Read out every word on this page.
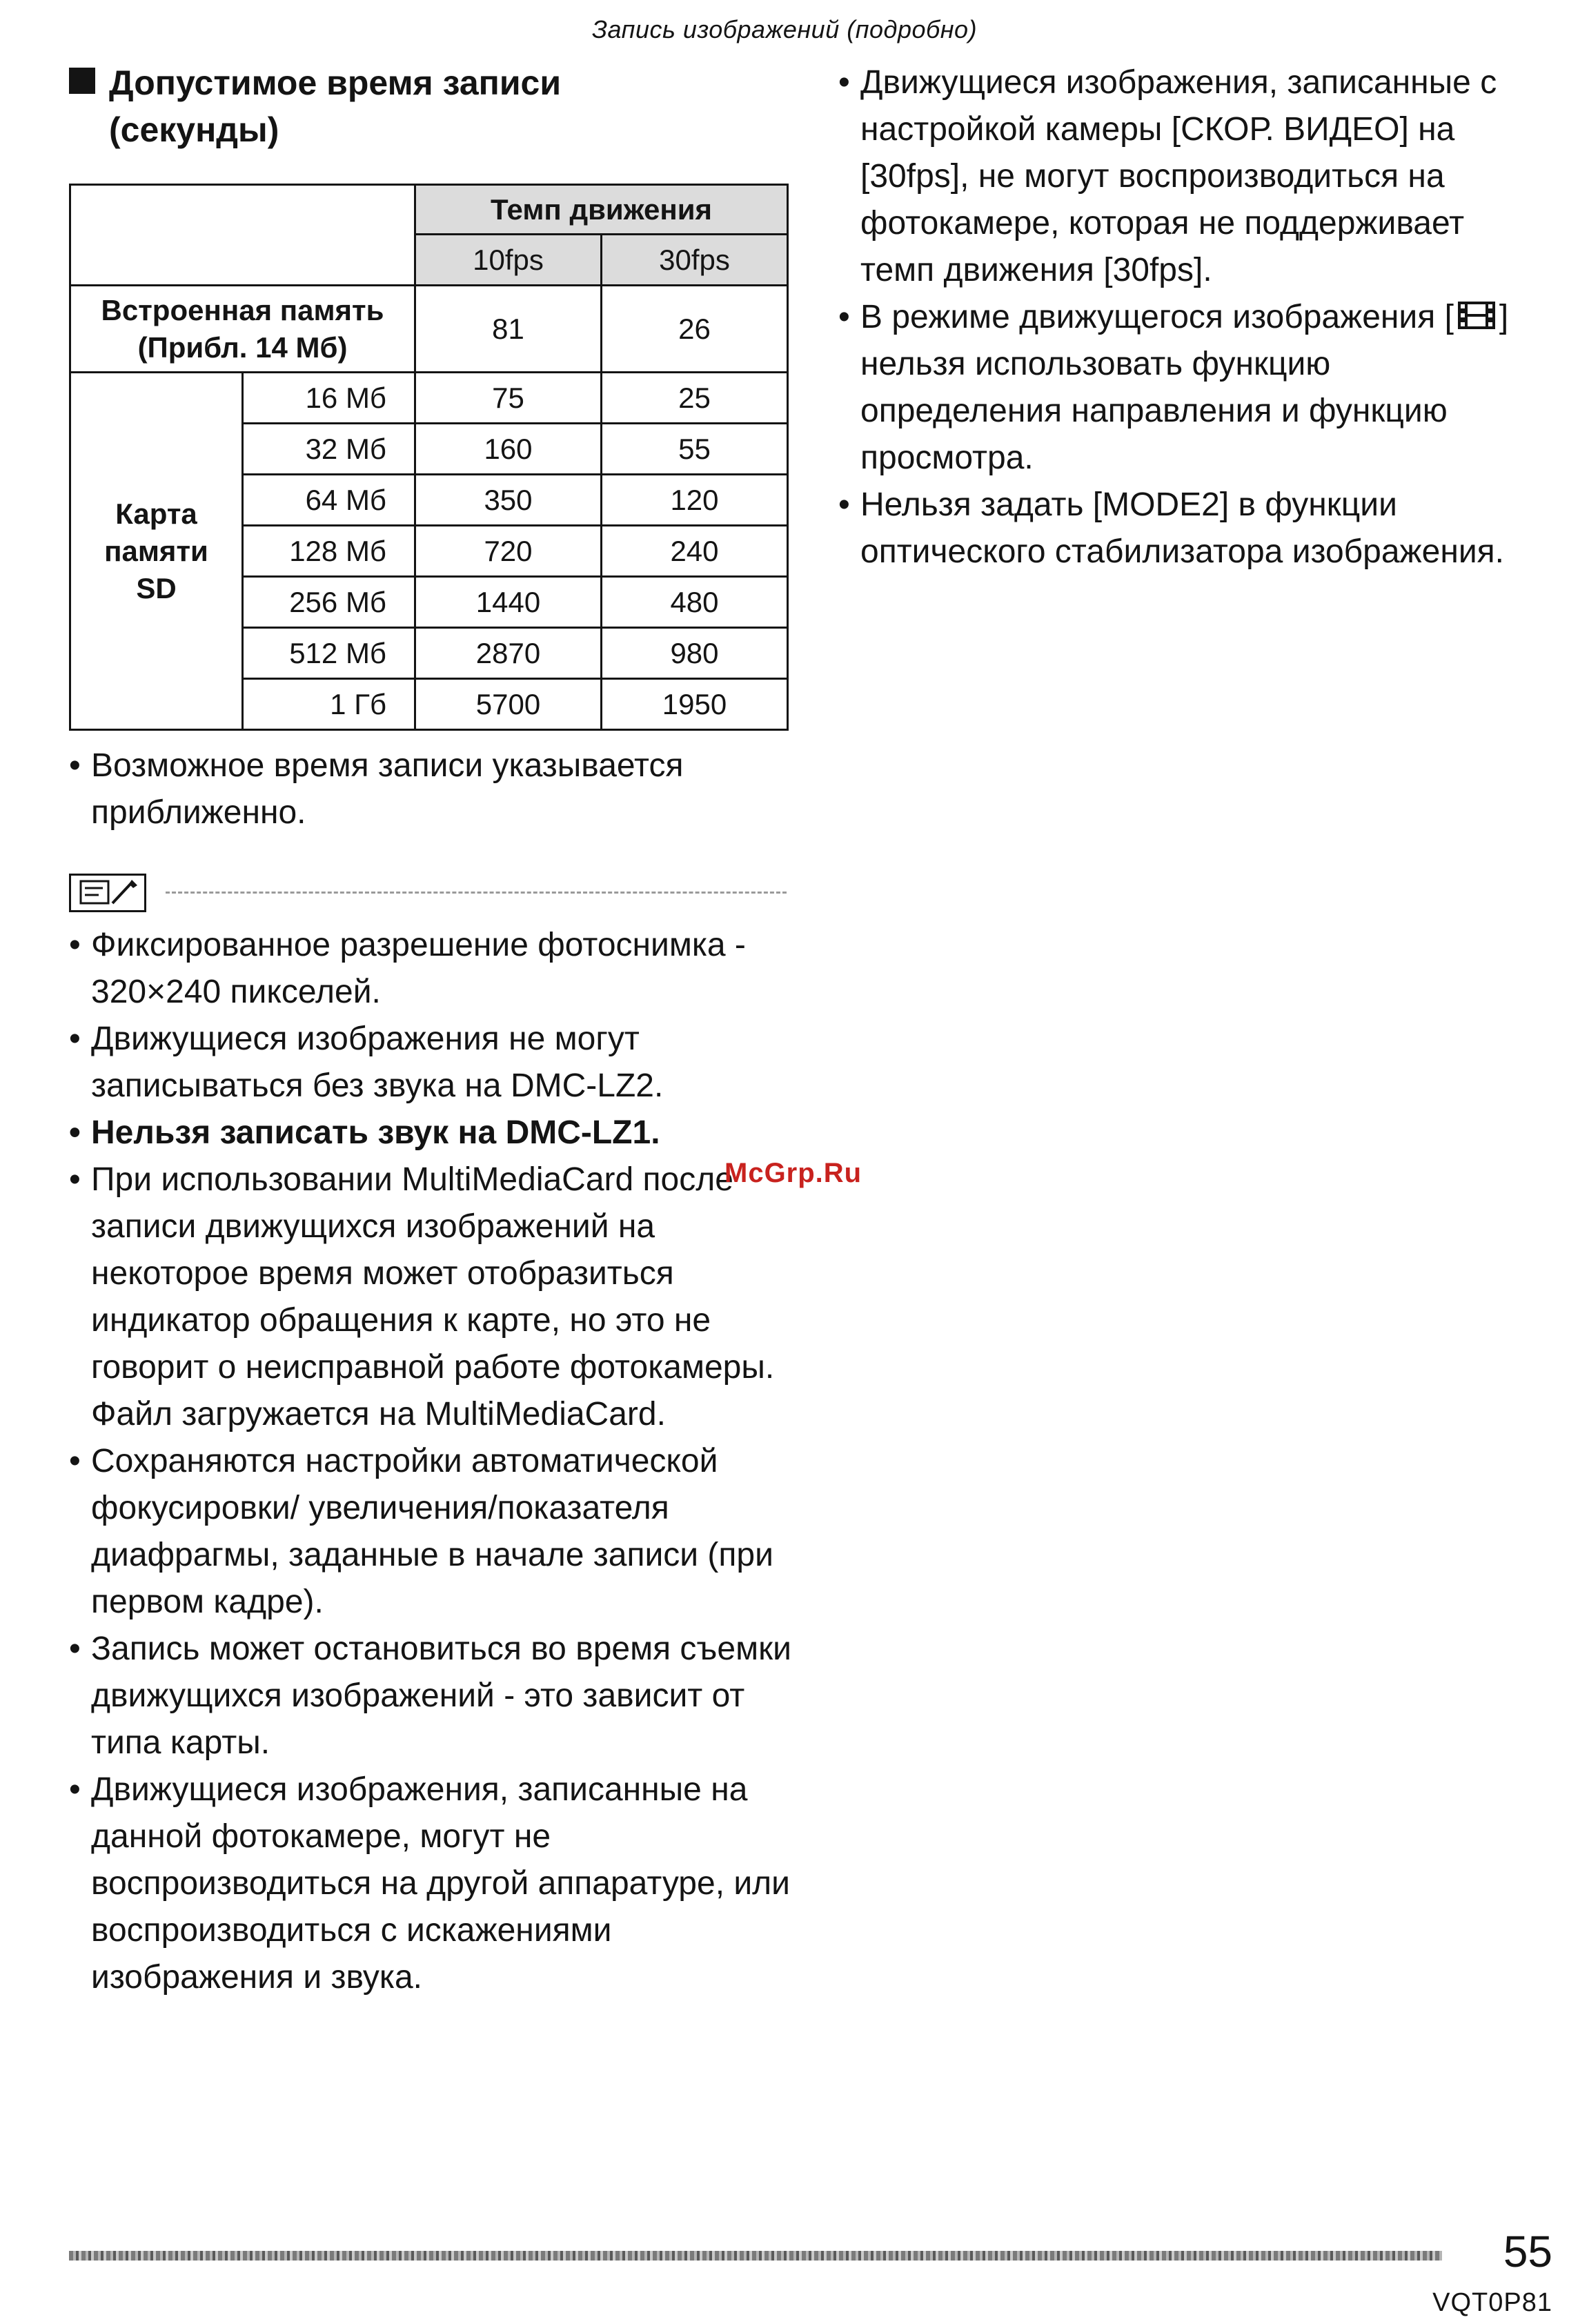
Запись изображений (подробно)
Допустимое время записи
(секунды)
		Темп движения	
		10fps	30fps

Встроенная память
(Прибл. 14 Мб)		81	26

Карта
памяти
SD	16 Мб	75	25
	32 Мб	160	55
	64 Мб	350	120
	128 Мб	720	240
	256 Мб	1440	480
	512 Мб	2870	980
	1 Гб	5700	1950
• Возможное время записи указывается приближенно.
• Фиксированное разрешение фотоснимка - 320×240 пикселей.
• Движущиеся изображения не могут записываться без звука на DMC-LZ2.
• Нельзя записать звук на DMC-LZ1.
• При использовании MultiMediaCard после записи движущихся изображений на некоторое время может отобразиться индикатор обращения к карте, но это не говорит о неисправной работе фотокамеры. Файл загружается на MultiMediaCard.
• Сохраняются настройки автоматической фокусировки/ увеличения/показателя диафрагмы, заданные в начале записи (при первом кадре).
• Запись может остановиться во время съемки движущихся изображений - это зависит от типа карты.
• Движущиеся изображения, записанные на данной фотокамере, могут не воспроизводиться на другой аппаратуре, или воспроизводиться с искажениями изображения и звука.
McGrp.Ru
• Движущиеся изображения, записанные с настройкой камеры [СКОР. ВИДЕО] на [30fps], не могут воспроизводиться на фотокамере, которая не поддерживает темп движения [30fps].
• В режиме движущегося изображения [ ] нельзя использовать функцию определения направления и функцию просмотра.
• Нельзя задать [MODE2] в функции оптического стабилизатора изображения.
55
VQT0P81
